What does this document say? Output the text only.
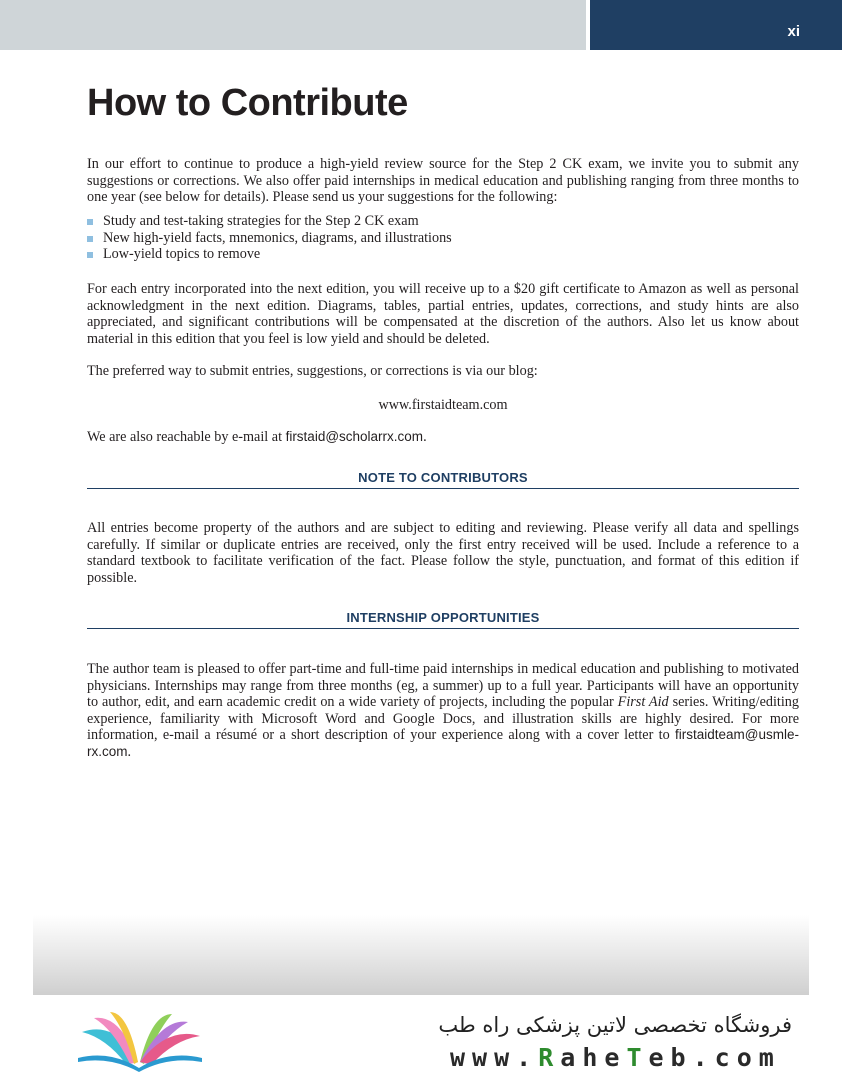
xi
How to Contribute

In our effort to continue to produce a high-yield review source for the Step 2 CK exam, we invite you to submit any suggestions or corrections. We also offer paid internships in medical education and publishing ranging from three months to one year (see below for details). Please send us your suggestions for the following:

Study and test-taking strategies for the Step 2 CK exam
New high-yield facts, mnemonics, diagrams, and illustrations
Low-yield topics to remove

For each entry incorporated into the next edition, you will receive up to a $20 gift certificate to Amazon as well as personal acknowledgment in the next edition. Diagrams, tables, partial entries, updates, corrections, and study hints are also appreciated, and significant contributions will be compensated at the discretion of the authors. Also let us know about material in this edition that you feel is low yield and should be deleted.

The preferred way to submit entries, suggestions, or corrections is via our blog:

www.firstaidteam.com

We are also reachable by e-mail at firstaid@scholarrx.com.

NOTE TO CONTRIBUTORS

All entries become property of the authors and are subject to editing and reviewing. Please verify all data and spellings carefully. If similar or duplicate entries are received, only the first entry received will be used. Include a reference to a standard textbook to facilitate verification of the fact. Please follow the style, punctuation, and format of this edition if possible.

INTERNSHIP OPPORTUNITIES

The author team is pleased to offer part-time and full-time paid internships in medical education and publishing to motivated physicians. Internships may range from three months (eg, a summer) up to a full year. Participants will have an opportunity to author, edit, and earn academic credit on a wide variety of projects, including the popular First Aid series. Writing/editing experience, familiarity with Microsoft Word and Google Docs, and illustration skills are highly desired. For more information, e-mail a résumé or a short description of your experience along with a cover letter to firstaidteam@usmle-rx.com.

فروشگاه تخصصی لاتین پزشکی راه طب
www.RaheTeb.com
